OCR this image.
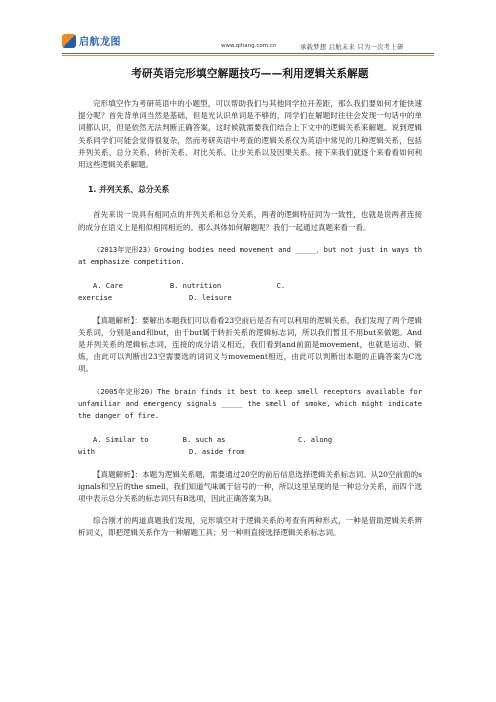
启航龙图	www.qihang.com.cn	承载梦想 启航未来 只为一次考上研
考研英语完形填空解题技巧——利用逻辑关系解题

完形填空作为考研英语中的小题型，可以帮助我们与其他同学拉开差距，那么我们要如何才能快速提分呢？首先背单词当然是基础，但是光认识单词是不够的，同学们在解题时往往会发现一句话中的单词都认识，但是依然无法判断正确答案，这时候就需要我们结合上下文中的逻辑关系来解题。说到逻辑关系同学们可能会觉得很复杂，然而考研英语中考查的逻辑关系仅为英语中常见的几种逻辑关系，包括并列关系、总分关系、转折关系、对比关系、让步关系以及因果关系。接下来我们就逐个来看看如何利用这些逻辑关系解题。

1. 并列关系、总分关系

首先来说一说具有相同点的并列关系和总分关系，两者的逻辑特征同为一致性，也就是说两者连接的成分在语义上是相似相同相近的。那么具体如何解题呢？我们一起通过真题来看一看。

（2013年完形23）Growing bodies need movement and _____，but not just in ways that emphasize competition.

A. Care           B. nutrition             C.
exercise                  D. leisure

【真题解析】：要解出本题我们可以看看23空前后是否有可以利用的逻辑关系，我们发现了两个逻辑关系词，分别是and和but，由于but属于转折关系的逻辑标志词，所以我们暂且不用but来做题。And是并列关系的逻辑标志词，连接的成分语义相近，我们看到and前面是movement，也就是运动、锻炼，由此可以判断出23空需要选的词词义与movement相近，由此可以判断出本题的正确答案为C选项。

（2005年完形20）The brain finds it best to keep smell receptors available for unfamiliar and emergency signals _____ the smell of smoke, which might indicate the danger of fire.

A. Similar to        B. such as                 C. along
with                      D. aside from

【真题解析】：本题为逻辑关系题，需要通过20空的前后信息选择逻辑关系标志词。从20空前面的signals和空后的the smell，我们知道气味属于信号的一种，所以这里呈现的是一种总分关系，而四个选项中表示总分关系的标志词只有B选项，因此正确答案为B。

综合刚才的两道真题我们发现，完形填空对于逻辑关系的考查有两种形式，一种是借助逻辑关系辨析词义，即把逻辑关系作为一种解题工具；另一种则直接选择逻辑关系标志词。
